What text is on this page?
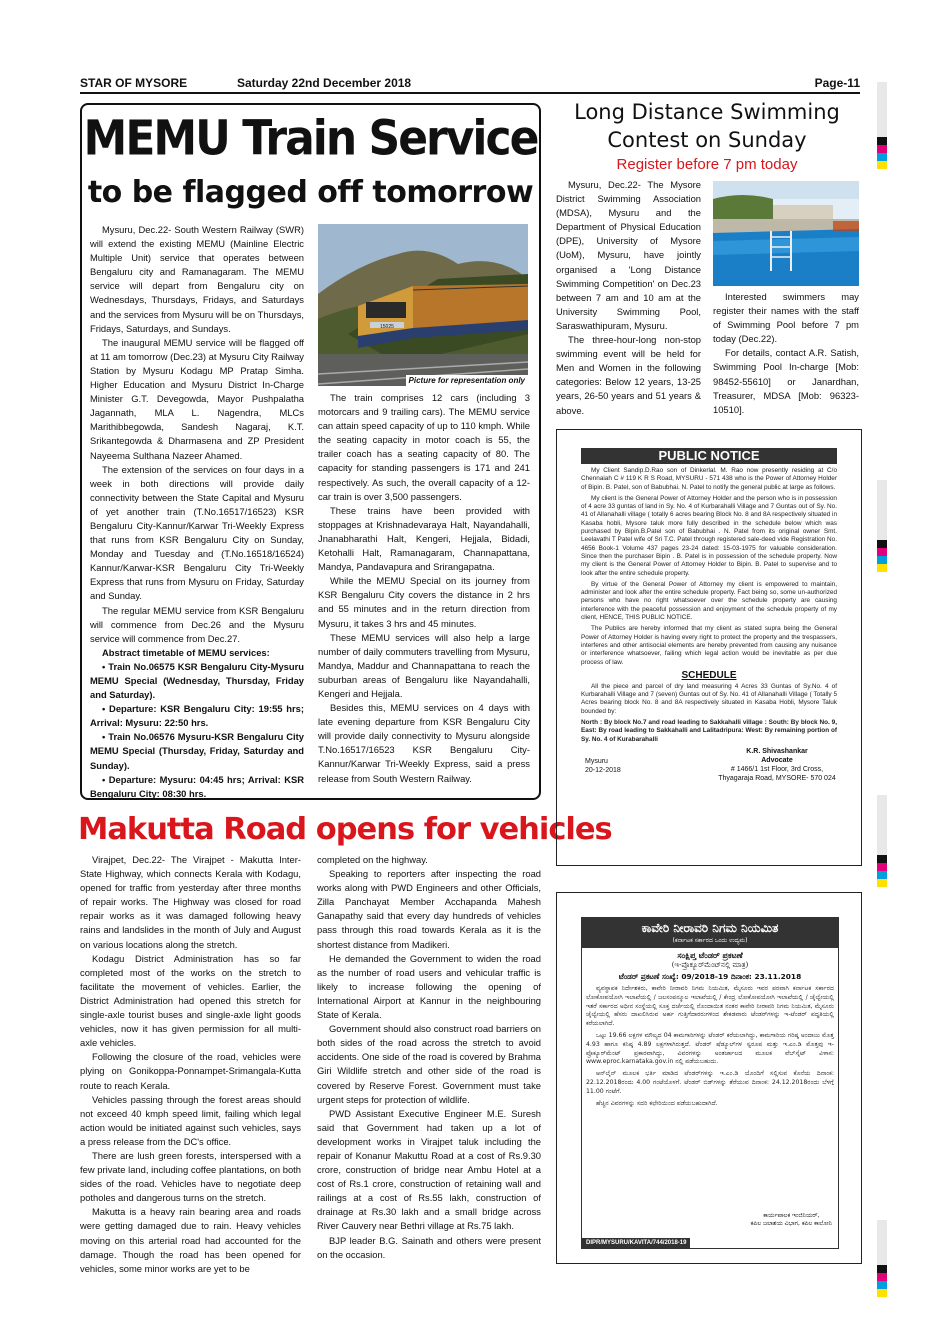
STAR OF MYSORE	Saturday 22nd December 2018	Page-11
MEMU Train Service
to be flagged off tomorrow

Mysuru, Dec.22- South Western Railway (SWR) will extend the existing MEMU (Mainline Electric Multiple Unit) service that operates between Bengaluru city and Ramanagaram. The MEMU service will depart from Bengaluru city on Wednesdays, Thursdays, Fridays, and Saturdays and the services from Mysuru will be on Thursdays, Fridays, Saturdays, and Sundays.

The inaugural MEMU service will be flagged off at 11 am tomorrow (Dec.23) at Mysuru City Railway Station by Mysuru Kodagu MP Pratap Simha. Higher Education and Mysuru District In-Charge Minister G.T. Devegowda, Mayor Pushpalatha Jagannath, MLA L. Nagendra, MLCs Marithibbegowda, Sandesh Nagaraj, K.T. Srikantegowda & Dharmasena and ZP President Nayeema Sulthana Nazeer Ahamed.

The extension of the services on four days in a week in both directions will provide daily connectivity between the State Capital and Mysuru of yet another train (T.No.16517/16523) KSR Bengaluru City-Kannur/Karwar Tri-Weekly Express that runs from KSR Bengaluru City on Sunday, Monday and Tuesday and (T.No.16518/16524) Kannur/Karwar-KSR Bengaluru City Tri-Weekly Express that runs from Mysuru on Friday, Saturday and Sunday.

The regular MEMU service from KSR Bengaluru will commence from Dec.26 and the Mysuru service will commence from Dec.27.

Abstract timetable of MEMU services:

• Train No.06575 KSR Bengaluru City-Mysuru MEMU Special (Wednesday, Thursday, Friday and Saturday).

• Departure: KSR Bengaluru City: 19:55 hrs; Arrival: Mysuru: 22:50 hrs.

• Train No.06576 Mysuru-KSR Bengaluru City MEMU Special (Thursday, Friday, Saturday and Sunday).

• Departure: Mysuru: 04:45 hrs; Arrival: KSR Bengaluru City: 08:30 hrs.

15025
Picture for representation only

The train comprises 12 cars (including 3 motorcars and 9 trailing cars). The MEMU service can attain speed capacity of up to 110 kmph. While the seating capacity in motor coach is 55, the trailer coach has a seating capacity of 80. The capacity for standing passengers is 171 and 241 respectively. As such, the overall capacity of a 12-car train is over 3,500 passengers.

These trains have been provided with stoppages at Krishnadevaraya Halt, Nayandahalli, Jnanabharathi Halt, Kengeri, Hejjala, Bidadi, Ketohalli Halt, Ramanagaram, Channapattana, Mandya, Pandavapura and Srirangapatna.

While the MEMU Special on its journey from KSR Bengaluru City covers the distance in 2 hrs and 55 minutes and in the return direction from Mysuru, it takes 3 hrs and 45 minutes.

These MEMU services will also help a large number of daily commuters travelling from Mysuru, Mandya, Maddur and Channapattana to reach the suburban areas of Bengaluru like Nayandahalli, Kengeri and Hejjala.

Besides this, MEMU services on 4 days with late evening departure from KSR Bengaluru City will provide daily connectivity to Mysuru alongside T.No.16517/16523 KSR Bengaluru City-Kannur/Karwar Tri-Weekly Express, said a press release from South Western Railway.

Makutta Road opens for vehicles

Virajpet, Dec.22- The Virajpet - Makutta Inter-State Highway, which connects Kerala with Kodagu, opened for traffic from yesterday after three months of repair works. The Highway was closed for road repair works as it was damaged following heavy rains and landslides in the month of July and August on various locations along the stretch.

Kodagu District Administration has so far completed most of the works on the stretch to facilitate the movement of vehicles. Earlier, the District Administration had opened this stretch for single-axle tourist buses and single-axle light goods vehicles, now it has given permission for all multi-axle vehicles.

Following the closure of the road, vehicles were plying on Gonikoppa-Ponnampet-Srimangala-Kutta route to reach Kerala.

Vehicles passing through the forest areas should not exceed 40 kmph speed limit, failing which legal action would be initiated against such vehicles, says a press release from the DC's office.

There are lush green forests, interspersed with a few private land, including coffee plantations, on both sides of the road. Vehicles have to negotiate deep potholes and dangerous turns on the stretch.

Makutta is a heavy rain bearing area and roads were getting damaged due to rain. Heavy vehicles moving on this arterial road had accounted for the damage. Though the road has been opened for vehicles, some minor works are yet to be

completed on the highway.

Speaking to reporters after inspecting the road works along with PWD Engineers and other Officials, Zilla Panchayat Member Acchapanda Mahesh Ganapathy said that every day hundreds of vehicles pass through this road towards Kerala as it is the shortest distance from Madikeri.

He demanded the Government to widen the road as the number of road users and vehicular traffic is likely to increase following the opening of International Airport at Kannur in the neighbouring State of Kerala.

Government should also construct road barriers on both sides of the road across the stretch to avoid accidents. One side of the road is covered by Brahma Giri Wildlife stretch and other side of the road is covered by Reserve Forest. Government must take urgent steps for protection of wildlife.

PWD Assistant Executive Engineer M.E. Suresh said that Government had taken up a lot of development works in Virajpet taluk including the repair of Konanur Makuttu Road at a cost of Rs.9.30 crore, construction of bridge near Ambu Hotel at a cost of Rs.1 crore, construction of retaining wall and railings at a cost of Rs.55 lakh, construction of drainage at Rs.30 lakh and a small bridge across River Cauvery near Bethri village at Rs.75 lakh.

BJP leader B.G. Sainath and others were present on the occasion.

Long Distance Swimming
Contest on Sunday
Register before 7 pm today

Mysuru, Dec.22- The Mysore District Swimming Association (MDSA), Mysuru and the Department of Physical Education (DPE), University of Mysore (UoM), Mysuru, have jointly organised a 'Long Distance Swimming Competition' on Dec.23 between 7 am and 10 am at the University Swimming Pool, Saraswathipuram, Mysuru.

The three-hour-long non-stop swimming event will be held for Men and Women in the following categories: Below 12 years, 13-25 years, 26-50 years and 51 years & above.

Interested swimmers may register their names with the staff of Swimming Pool before 7 pm today (Dec.22).

For details, contact A.R. Satish, Swimming Pool In-charge [Mob: 98452-55610] or Janardhan, Treasurer, MDSA [Mob: 96323-10510].

PUBLIC NOTICE

My Client Sandip.D.Rao son of Dinkerlal. M. Rao now presently residing at C/o Chennaiah C # 119 K R S Road, MYSURU - 571 438 who is the Power of Attorney Holder of Bipin. B. Patel, son of Babubhai. N. Patel to notify the general public at large as follows.

My client is the General Power of Attorney Holder and the person who is in possession of 4 acre 33 guntas of land in Sy. No. 4 of Kurbarahalli Village and 7 Guntas out of Sy. No. 41 of Allanahalli village ( totally 6 acres bearing Block No. 8 and 8A respectively situated in Kasaba hobli, Mysore taluk more fully described in the schedule below which was purchased by Bipin.B.Patel son of Babubhai . N. Patel from its original owner Smt. Leelavathi T Patel wife of Sri T.C. Patel through registered sale-deed vide Registration No. 4656 Book-1 Volume 437 pages 23-24 dated: 15-03-1975 for valuable consideration. Since then the purchaser Bipin . B. Patel is in possession of the schedule property. Now my client is the General Power of Attorney Holder to Bipin. B. Patel to supervise and to look after the entire schedule property.

By virtue of the General Power of Attorney my client is empowered to maintain, administer and look after the entire schedule property. Fact being so, some un-authorized persons who have no right whatsoever over the schedule property are causing interference with the peaceful possession and enjoyment of the schedule property of my client, HENCE, THIS PUBLIC NOTICE.

The Publics are hereby informed that my client as stated supra being the General Power of Attorney Holder is having every right to protect the property and the trespassers, interferes and other antisocial elements are hereby prevented from causing any nuisance or interference whatsoever, failing which legal action would be inevitable as per due process of law.

SCHEDULE

All the piece and parcel of dry land measuring 4 Acres 33 Guntas of Sy.No. 4 of Kurbarahalli Village and 7 (seven) Guntas out of Sy. No. 41 of Allanahalli Village ( Totally 5 Acres bearing block No. 8 and 8A respectively situated in Kasaba Hobli, Mysore Taluk bounded by:

North : By block No.7 and road leading to Sakkahalli village : South: By block No. 9, East: By road leading to Sakkahalli and Lalitadripura: West: By remaining portion of Sy. No. 4 of Kurabarahalli

Mysuru
20-12-2018
K.R. Shivashankar
Advocate
# 1466/1 1st Floor, 3rd Cross,
Thyagaraja Road, MYSORE- 570 024
ಕಾವೇರಿ ನೀರಾವರಿ ನಿಗಮ ನಿಯಮಿತ
(ಕರ್ನಾಟಕ ಸರ್ಕಾರದ ಒಂದು ಉದ್ಯಮ)
ಸಂಕ್ಷಿಪ್ತ ಟೆಂಡರ್ ಪ್ರಕಟಣೆ
(ಇ-ಪ್ರೊಕ್ಯೂರ್‌ಮೆಂಟ್‌ನಲ್ಲಿ ಮಾತ್ರ)
ಟೆಂಡರ್ ಪ್ರಕಟಣೆ ಸಂಖ್ಯೆ: 09/2018-19 ದಿನಾಂಕ: 23.11.2018

ವ್ಯವಸ್ಥಾಪಕ ನಿರ್ದೇಶಕರು, ಕಾವೇರಿ ನೀರಾವರಿ ನಿಗಮ ನಿಯಮಿತ, ಮೈಸೂರು ಇವರ ಪರವಾಗಿ ಕರ್ನಾಟಕ ಸರ್ಕಾರದ ಲೋಕೋಪಯೋಗಿ ಇಲಾಖೆಯಲ್ಲಿ / ಜಲಸಂಪನ್ಮೂಲ ಇಲಾಖೆಯಲ್ಲಿ / ಕೇಂದ್ರ ಲೋಕೋಪಯೋಗಿ ಇಲಾಖೆಯಲ್ಲಿ / ಚೈಲ್ವೇಯಲ್ಲಿ ಇತರೆ ಸರ್ಕಾರದ ಅಧೀನ ಸಂಸ್ಥೆಯಲ್ಲಿ ಸೂಕ್ತ ದರ್ಜೆಯಲ್ಲಿ ನೊಂದಾಯಿತ ನಂತರ ಕಾವೇರಿ ನೀರಾವರಿ ನಿಗಮ ನಿಯಮಿತ, ಮೈಸೂರು ಚೈಲ್ವೇಯಲ್ಲಿ ಹೆಸರು ದಾಖಲಿಸಿರುವ ಅರ್ಹ ಗುತ್ತಿಗೆದಾರರುಗಳಿಂದ ಶೇಕಡವಾರು ಟೆಂಡರ್‌ಗಳನ್ನು ಇ-ಟೆಂಡರ್ ಪದ್ಧತಿಯಲ್ಲಿ ಕರೆಯಲಾಗಿದೆ.

ಒಟ್ಟು 19.66 ಲಕ್ಷಗಳ ಮೌಲ್ಯದ 04 ಕಾಮಗಾರಿಗಳನ್ನು ಟೆಂಡರ್ ಕರೆಯಲಾಗಿದ್ದು, ಕಾಮಗಾರಿಯ ಗರಿಷ್ಠ ಅಂದಾಜು ಮೊತ್ತ 4.93 ಹಾಗೂ ಕನಿಷ್ಠ 4.89 ಲಕ್ಷಗಳಾಗಿರುತ್ತದೆ. ಟೆಂಡರ್ ಷೆಡ್ಯೂಲ್‌ಗಳ ಸ್ವರೂಪ ಮತ್ತು ಇ.ಎಂ.ಡಿ ಮೊತ್ತವು ಇ-ಪ್ರೊಕ್ಯೂರ್‌ಮೆಂಟ್ ಪ್ರಕಾರವಾಗಿದ್ದು, ವಿವರಗಳನ್ನು ಅಂತರ್ಜಾಲದ ಮೂಲಕ ವೆಬ್‌ಸೈಟ್ ವಿಳಾಸ: www.eproc.karnataka.gov.in ನಲ್ಲಿ ಪಡೆಯಬಹುದು.

ಆನ್‌ಲೈನ್ ಮೂಲಕ ಭರ್ತಿ ಮಾಡಿದ ಟೆಂಡರ್‌ಗಳನ್ನು ಇ.ಎಂ.ಡಿ ಯೊಂದಿಗೆ ಸಲ್ಲಿಸುವ ಕೊನೆಯ ದಿನಾಂಕ: 22.12.2018ರಂದು 4.00 ಗಂಟೆಯೊಳಗೆ. ಟೆಂಡರ್ ಬಿಡ್‌ಗಳನ್ನು ತೆರೆಯುವ ದಿನಾಂಕ: 24.12.2018ರಂದು ಬೆಳಗ್ಗೆ 11.00 ಗಂಟೆಗೆ.

ಹೆಚ್ಚಿನ ವಿವರಗಳನ್ನು ಸದರಿ ಕಛೇರಿಯಿಂದ ಪಡೆಯಬಹುದಾಗಿದೆ.

ಕಾರ್ಯಪಾಲಕ ಇಂಜಿನಿಯರ್,
ಕಪಿಲ ಜಲಾಶಯ ವಿಭಾಗ, ಕಪಿಲ ಕಾಲೋನಿ
DIPR/MYSURU/KAVITA/744/2018-19
